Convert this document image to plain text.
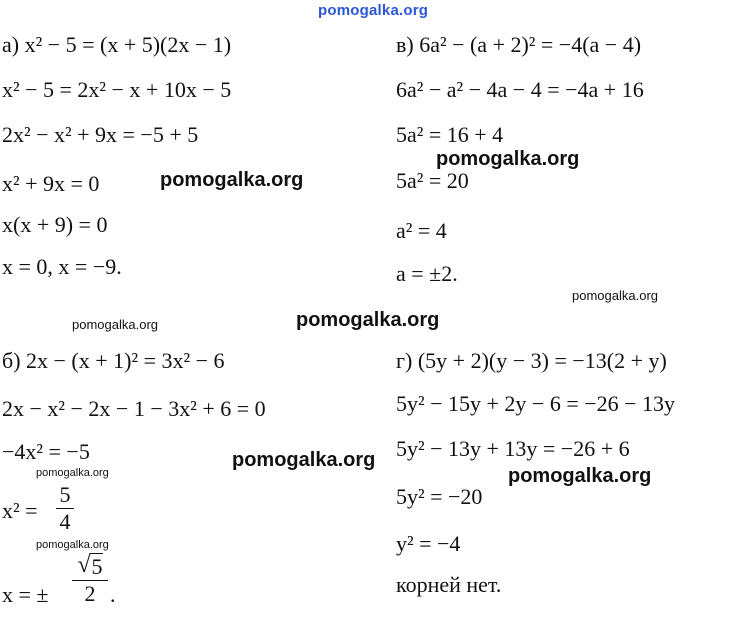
pomogalka.org
pomogalka.org
pomogalka.org
pomogalka.org
pomogalka.org
pomogalka.org
pomogalka.org
pomogalka.org
pomogalka.org
pomogalka.org
а) x² − 5 = (x + 5)(2x − 1)
x² − 5 = 2x² − x + 10x − 5
2x² − x² + 9x = −5 + 5
x² + 9x = 0
x(x + 9) = 0
x = 0, x = −9.
в) 6a² − (a + 2)² = −4(a − 4)
6a² − a² − 4a − 4 = −4a + 16
5a² = 16 + 4
5a² = 20
a² = 4
a = ±2.
б) 2x − (x + 1)² = 3x² − 6
2x − x² − 2x − 1 − 3x² + 6 = 0
−4x² = −5
x² =
5
4
x = ±
√ 5
2 .
г) (5y + 2)(y − 3) = −13(2 + y)
5y² − 15y + 2y − 6 = −26 − 13y
5y² − 13y + 13y = −26 + 6
5y² = −20
y² = −4
корней нет.
